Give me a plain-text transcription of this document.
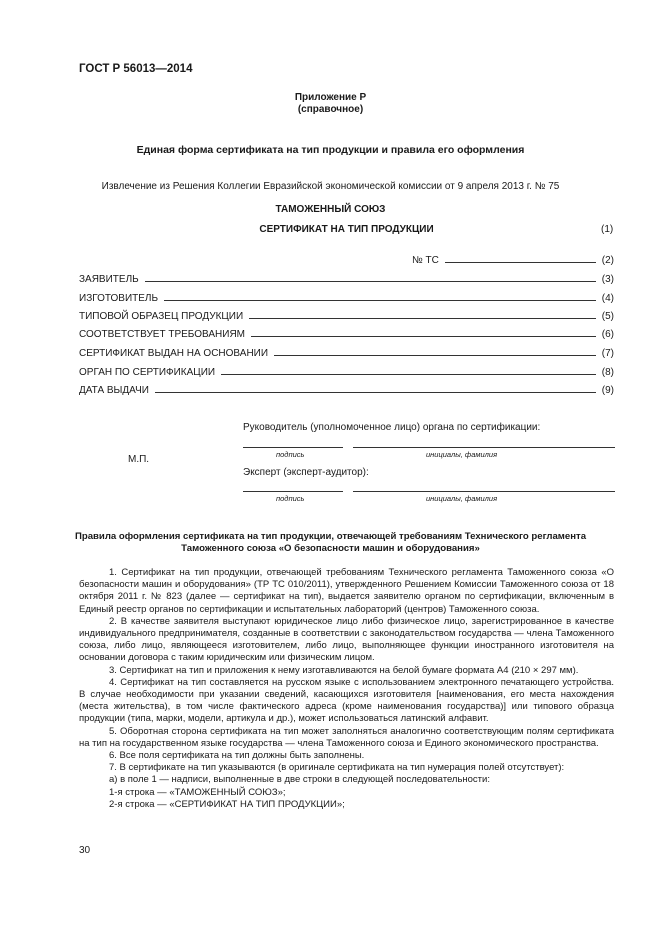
ГОСТ Р 56013—2014
Приложение Р
(справочное)
Единая форма сертификата на тип продукции и правила его оформления
Извлечение из Решения Коллегии Евразийской экономической комиссии от 9 апреля 2013 г. № 75
ТАМОЖЕННЫЙ СОЮЗ
СЕРТИФИКАТ НА ТИП ПРОДУКЦИИ	(1)
№ ТС	(2)
ЗАЯВИТЕЛЬ	(3)
ИЗГОТОВИТЕЛЬ	(4)
ТИПОВОЙ ОБРАЗЕЦ ПРОДУКЦИИ	(5)
СООТВЕТСТВУЕТ ТРЕБОВАНИЯМ	(6)
СЕРТИФИКАТ ВЫДАН НА ОСНОВАНИИ	(7)
ОРГАН ПО СЕРТИФИКАЦИИ	(8)
ДАТА ВЫДАЧИ	(9)
Руководитель (уполномоченное лицо) органа по сертификации:
подпись	инициалы, фамилия
М.П.
Эксперт (эксперт-аудитор):
подпись	инициалы, фамилия
Правила оформления сертификата на тип продукции, отвечающей требованиям Технического регламента
Таможенного союза «О безопасности машин и оборудования»

1. Сертификат на тип продукции, отвечающей требованиям Технического регламента Таможенного союза «О безопасности машин и оборудования» (ТР ТС 010/2011), утвержденного Решением Комиссии Таможенного союза от 18 октября 2011 г. № 823 (далее — сертификат на тип), выдается заявителю органом по сертификации, включенным в Единый реестр органов по сертификации и испытательных лабораторий (центров) Таможенного союза.

2. В качестве заявителя выступают юридическое лицо либо физическое лицо, зарегистрированное в качестве индивидуального предпринимателя, созданные в соответствии с законодательством государства — члена Таможенного союза, либо лицо, являющееся изготовителем, либо лицо, выполняющее функции иностранного изготовителя на основании договора с таким юридическим или физическим лицом.

3. Сертификат на тип и приложения к нему изготавливаются на белой бумаге формата А4 (210 × 297 мм).

4. Сертификат на тип составляется на русском языке с использованием электронного печатающего устройства. В случае необходимости при указании сведений, касающихся изготовителя [наименования, его места нахождения (места жительства), в том числе фактического адреса (кроме наименования государства)] или типового образца продукции (типа, марки, модели, артикула и др.), может использоваться латинский алфавит.

5. Оборотная сторона сертификата на тип может заполняться аналогично соответствующим полям сертификата на тип на государственном языке государства — члена Таможенного союза и Единого экономического пространства.

6. Все поля сертификата на тип должны быть заполнены.

7. В сертификате на тип указываются (в оригинале сертификата на тип нумерация полей отсутствует):

а) в поле 1 — надписи, выполненные в две строки в следующей последовательности:

1-я строка — «ТАМОЖЕННЫЙ СОЮЗ»;

2-я строка — «СЕРТИФИКАТ НА ТИП ПРОДУКЦИИ»;

30
